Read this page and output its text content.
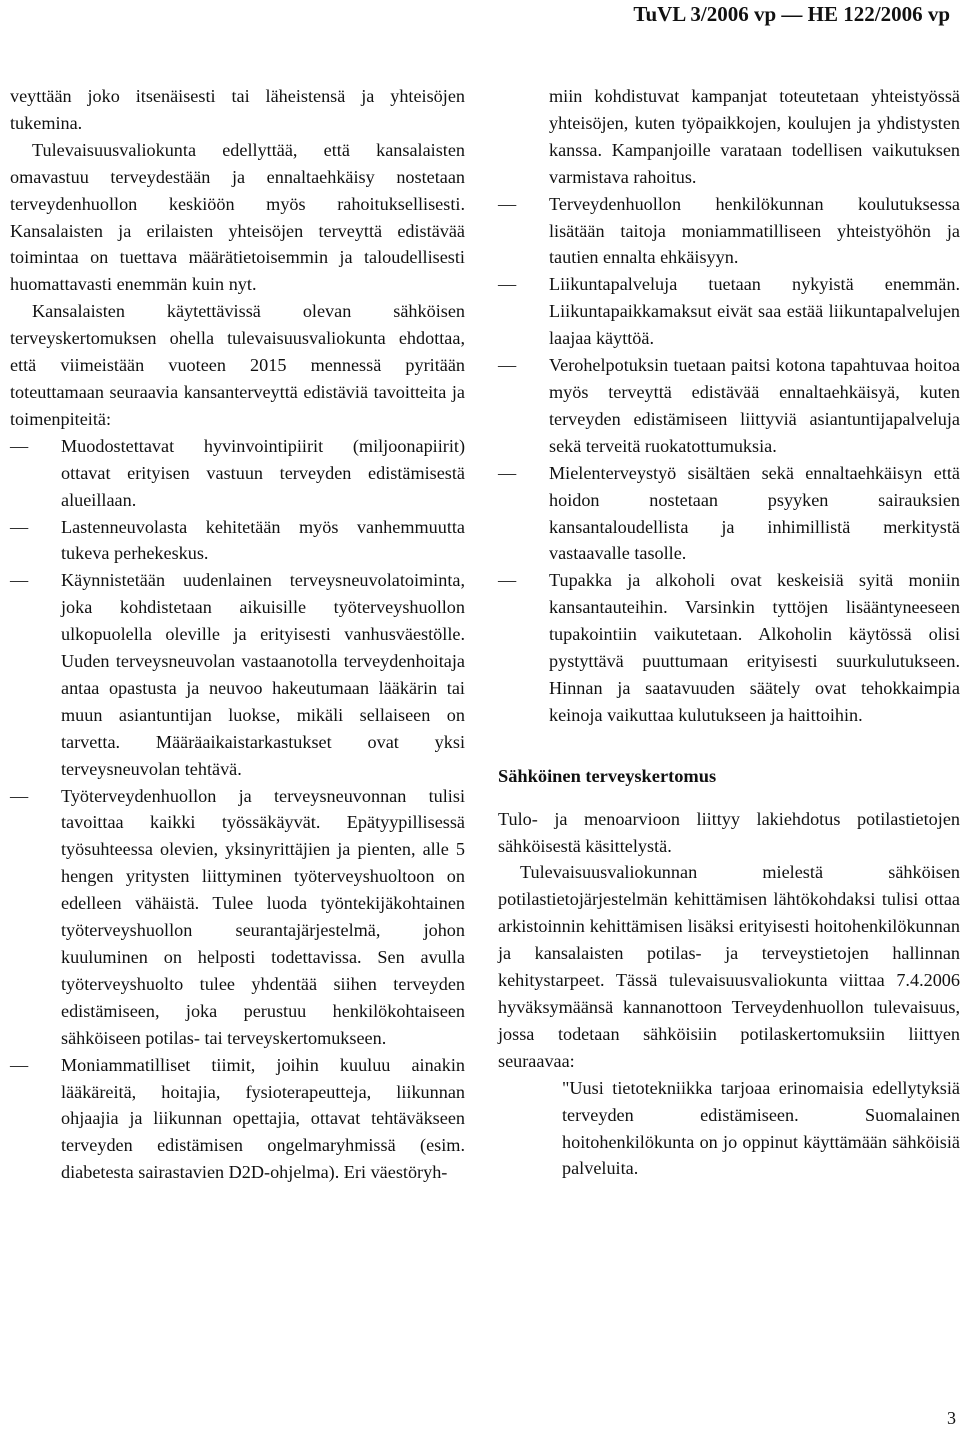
TuVL 3/2006 vp — HE 122/2006 vp

veyttään joko itsenäisesti tai läheistensä ja yhteisöjen tukemina.

Tulevaisuusvaliokunta edellyttää, että kansalaisten omavastuu terveydestään ja ennaltaehkäisy nostetaan terveydenhuollon keskiöön myös rahoituksellisesti. Kansalaisten ja erilaisten yhteisöjen terveyttä edistävää toimintaa on tuettava määrätietoisemmin ja taloudellisesti huomattavasti enemmän kuin nyt.

Kansalaisten käytettävissä olevan sähköisen terveyskertomuksen ohella tulevaisuusvaliokunta ehdottaa, että viimeistään vuoteen 2015 mennessä pyritään toteuttamaan seuraavia kansanterveyttä edistäviä tavoitteita ja toimenpiteitä:

—	Muodostettavat hyvinvointipiirit (miljoonapiirit) ottavat erityisen vastuun terveyden edistämisestä alueillaan.
—	Lastenneuvolasta kehitetään myös vanhemmuutta tukeva perhekeskus.
—	Käynnistetään uudenlainen terveysneuvolatoiminta, joka kohdistetaan aikuisille työterveyshuollon ulkopuolella oleville ja erityisesti vanhusväestölle. Uuden terveysneuvolan vastaanotolla terveydenhoitaja antaa opastusta ja neuvoo hakeutumaan lääkärin tai muun asiantuntijan luokse, mikäli sellaiseen on tarvetta. Määräaikaistarkastukset ovat yksi terveysneuvolan tehtävä.
—	Työterveydenhuollon ja terveysneuvonnan tulisi tavoittaa kaikki työssäkäyvät. Epätyypillisessä työsuhteessa olevien, yksinyrittäjien ja pienten, alle 5 hengen yritysten liittyminen työterveyshuoltoon on edelleen vähäistä. Tulee luoda työntekijäkohtainen työterveyshuollon seurantajärjestelmä, johon kuuluminen on helposti todettavissa. Sen avulla työterveyshuolto tulee yhdentää siihen terveyden edistämiseen, joka perustuu henkilökohtaiseen sähköiseen potilas- tai terveyskertomukseen.
—	Moniammatilliset tiimit, joihin kuuluu ainakin lääkäreitä, hoitajia, fysioterapeutteja, liikunnan ohjaajia ja liikunnan opettajia, ottavat tehtäväkseen terveyden edistämisen ongelmaryhmissä (esim. diabetesta sairastavien D2D-ohjelma). Eri väestöryh-
miin kohdistuvat kampanjat toteutetaan yhteistyössä yhteisöjen, kuten työpaikkojen, koulujen ja yhdistysten kanssa. Kampanjoille varataan todellisen vaikutuksen varmistava rahoitus.
—	Terveydenhuollon henkilökunnan koulutuksessa lisätään taitoja moniammatilliseen yhteistyöhön ja tautien ennalta ehkäisyyn.
—	Liikuntapalveluja tuetaan nykyistä enemmän. Liikuntapaikkamaksut eivät saa estää liikuntapalvelujen laajaa käyttöä.
—	Verohelpotuksin tuetaan paitsi kotona tapahtuvaa hoitoa myös terveyttä edistävää ennaltaehkäisyä, kuten terveyden edistämiseen liittyviä asiantuntijapalveluja sekä terveitä ruokatottumuksia.
—	Mielenterveystyö sisältäen sekä ennaltaehkäisyn että hoidon nostetaan psyyken sairauksien kansantaloudellista ja inhimillistä merkitystä vastaavalle tasolle.
—	Tupakka ja alkoholi ovat keskeisiä syitä moniin kansantauteihin. Varsinkin tyttöjen lisääntyneeseen tupakointiin vaikutetaan. Alkoholin käytössä olisi pystyttävä puuttumaan erityisesti suurkulutukseen. Hinnan ja saatavuuden säätely ovat tehokkaimpia keinoja vaikuttaa kulutukseen ja haittoihin.
Sähköinen terveyskertomus

Tulo- ja menoarvioon liittyy lakiehdotus potilastietojen sähköisestä käsittelystä.

Tulevaisuusvaliokunnan mielestä sähköisen potilastietojärjestelmän kehittämisen lähtökohdaksi tulisi ottaa arkistoinnin kehittämisen lisäksi erityisesti hoitohenkilökunnan ja kansalaisten potilas- ja terveystietojen hallinnan kehitystarpeet. Tässä tulevaisuusvaliokunta viittaa 7.4.2006 hyväksymäänsä kannanottoon Terveydenhuollon tulevaisuus, jossa todetaan sähköisiin potilaskertomuksiin liittyen seuraavaa:

"Uusi tietotekniikka tarjoaa erinomaisia edellytyksiä terveyden edistämiseen. Suomalainen hoitohenkilökunta on jo oppinut käyttämään sähköisiä palveluita.
3
